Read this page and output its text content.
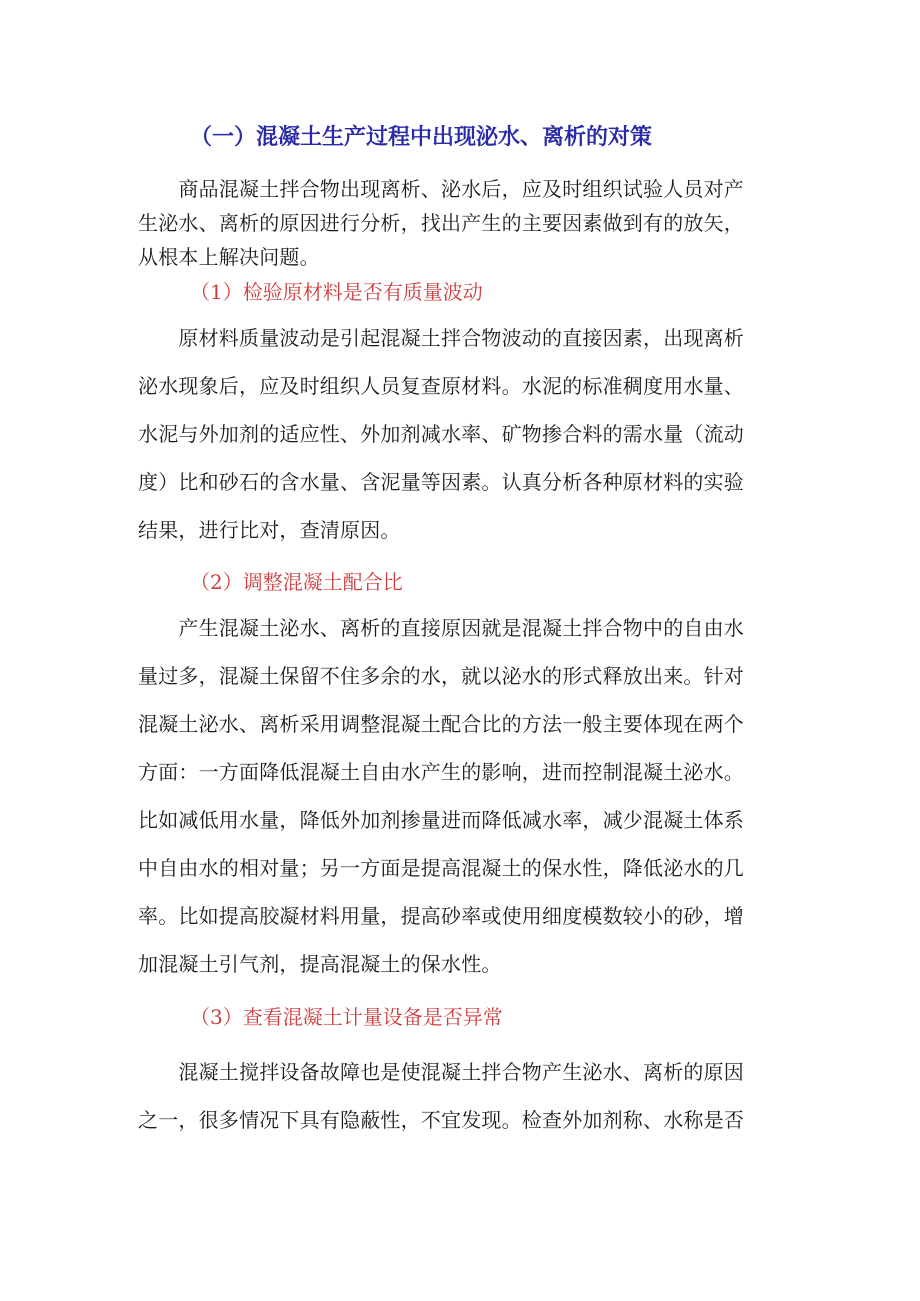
（一）混凝土生产过程中出现泌水、离析的对策
　　商品混凝土拌合物出现离析、泌水后，应及时组织试验人员对产
生泌水、离析的原因进行分析，找出产生的主要因素做到有的放矢，
从根本上解决问题。
（1）检验原材料是否有质量波动
　　原材料质量波动是引起混凝土拌合物波动的直接因素，出现离析
泌水现象后，应及时组织人员复查原材料。水泥的标准稠度用水量、
水泥与外加剂的适应性、外加剂减水率、矿物掺合料的需水量（流动
度）比和砂石的含水量、含泥量等因素。认真分析各种原材料的实验
结果，进行比对，查清原因。
（2）调整混凝土配合比
　　产生混凝土泌水、离析的直接原因就是混凝土拌合物中的自由水
量过多，混凝土保留不住多余的水，就以泌水的形式释放出来。针对
混凝土泌水、离析采用调整混凝土配合比的方法一般主要体现在两个
方面：一方面降低混凝土自由水产生的影响，进而控制混凝土泌水。
比如减低用水量，降低外加剂掺量进而降低减水率，减少混凝土体系
中自由水的相对量；另一方面是提高混凝土的保水性，降低泌水的几
率。比如提高胶凝材料用量，提高砂率或使用细度模数较小的砂，增
加混凝土引气剂，提高混凝土的保水性。
（3）查看混凝土计量设备是否异常
　　混凝土搅拌设备故障也是使混凝土拌合物产生泌水、离析的原因
之一，很多情况下具有隐蔽性，不宜发现。检查外加剂称、水称是否
